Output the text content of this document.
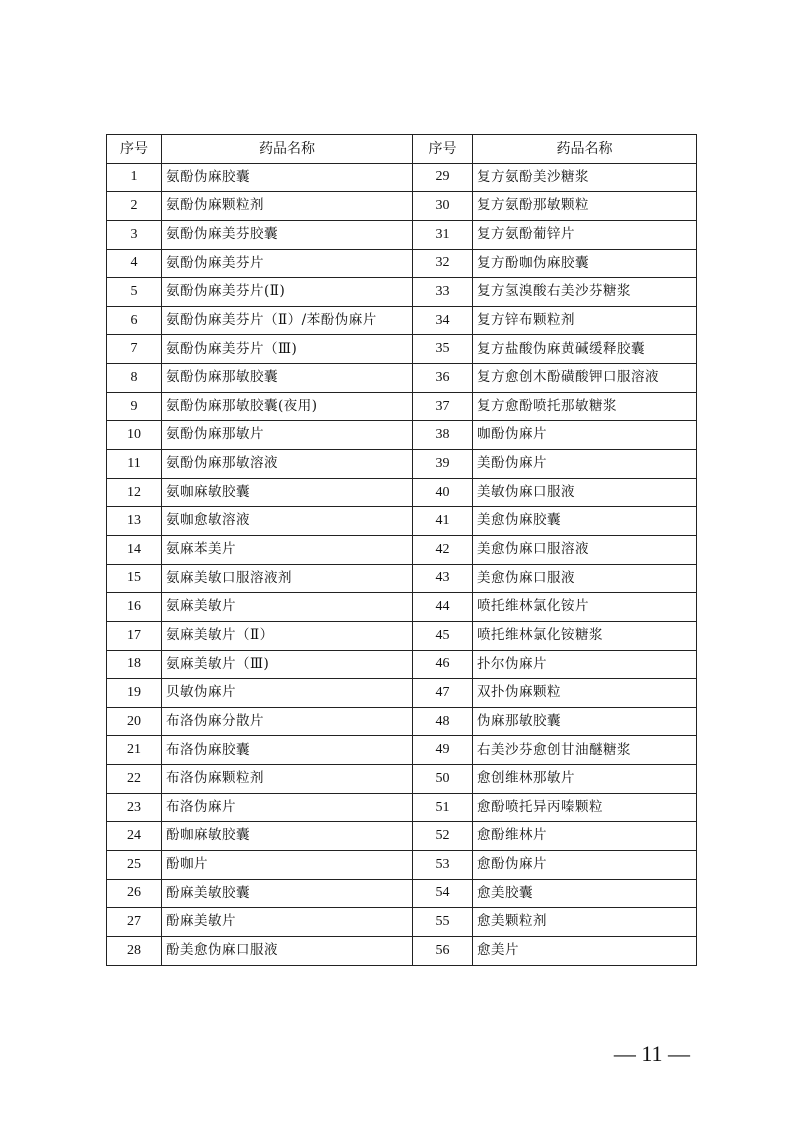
序号	药品名称	序号	药品名称
1	氨酚伪麻胶囊	29	复方氨酚美沙糖浆
2	氨酚伪麻颗粒剂	30	复方氨酚那敏颗粒
3	氨酚伪麻美芬胶囊	31	复方氨酚葡锌片
4	氨酚伪麻美芬片	32	复方酚咖伪麻胶囊
5	氨酚伪麻美芬片(Ⅱ)	33	复方氢溴酸右美沙芬糖浆
6	氨酚伪麻美芬片（Ⅱ）/苯酚伪麻片	34	复方锌布颗粒剂
7	氨酚伪麻美芬片（Ⅲ)	35	复方盐酸伪麻黄碱缓释胶囊
8	氨酚伪麻那敏胶囊	36	复方愈创木酚磺酸钾口服溶液
9	氨酚伪麻那敏胶囊(夜用)	37	复方愈酚喷托那敏糖浆
10	氨酚伪麻那敏片	38	咖酚伪麻片
11	氨酚伪麻那敏溶液	39	美酚伪麻片
12	氨咖麻敏胶囊	40	美敏伪麻口服液
13	氨咖愈敏溶液	41	美愈伪麻胶囊
14	氨麻苯美片	42	美愈伪麻口服溶液
15	氨麻美敏口服溶液剂	43	美愈伪麻口服液
16	氨麻美敏片	44	喷托维林氯化铵片
17	氨麻美敏片（Ⅱ）	45	喷托维林氯化铵糖浆
18	氨麻美敏片（Ⅲ)	46	扑尔伪麻片
19	贝敏伪麻片	47	双扑伪麻颗粒
20	布洛伪麻分散片	48	伪麻那敏胶囊
21	布洛伪麻胶囊	49	右美沙芬愈创甘油醚糖浆
22	布洛伪麻颗粒剂	50	愈创维林那敏片
23	布洛伪麻片	51	愈酚喷托异丙嗪颗粒
24	酚咖麻敏胶囊	52	愈酚维林片
25	酚咖片	53	愈酚伪麻片
26	酚麻美敏胶囊	54	愈美胶囊
27	酚麻美敏片	55	愈美颗粒剂
28	酚美愈伪麻口服液	56	愈美片
— 11 —
